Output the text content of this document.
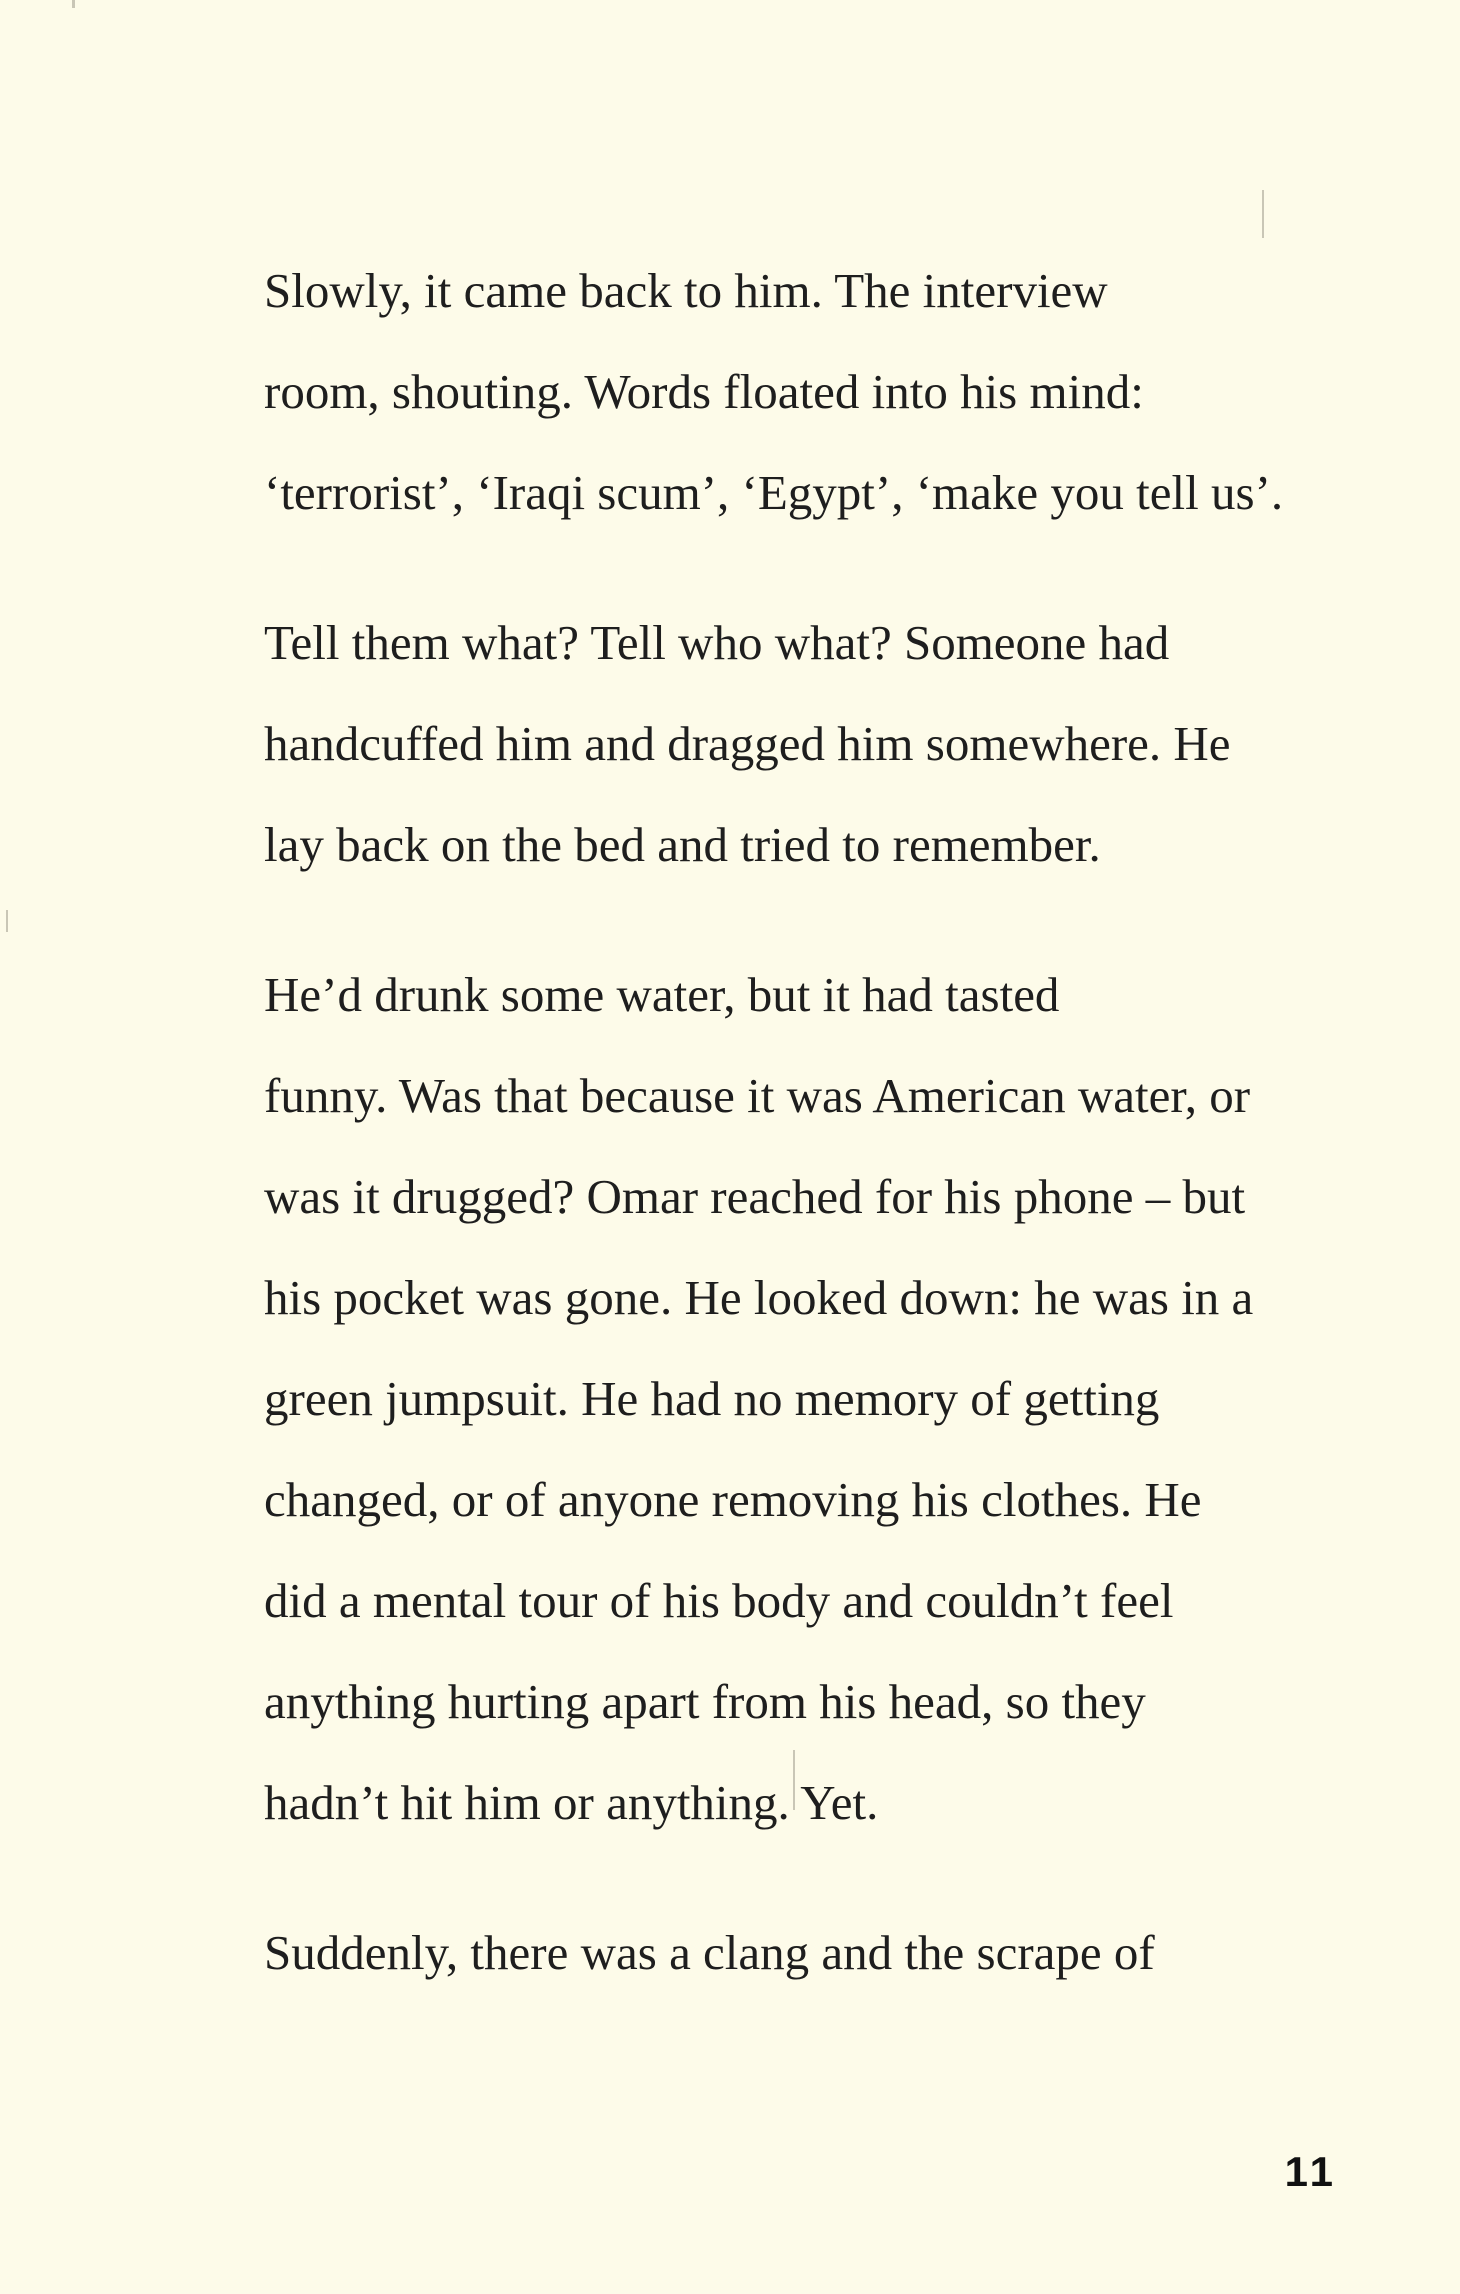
Slowly, it came back to him. The interview
room, shouting. Words floated into his mind:
‘terrorist’, ‘Iraqi scum’, ‘Egypt’, ‘make you tell us’.

Tell them what? Tell who what? Someone had
handcuffed him and dragged him somewhere. He
lay back on the bed and tried to remember.

He’d drunk some water, but it had tasted
funny. Was that because it was American water, or
was it drugged? Omar reached for his phone – but
his pocket was gone. He looked down: he was in a
green jumpsuit. He had no memory of getting
changed, or of anyone removing his clothes. He
did a mental tour of his body and couldn’t feel
anything hurting apart from his head, so they
hadn’t hit him or anything. Yet.

Suddenly, there was a clang and the scrape of

11
